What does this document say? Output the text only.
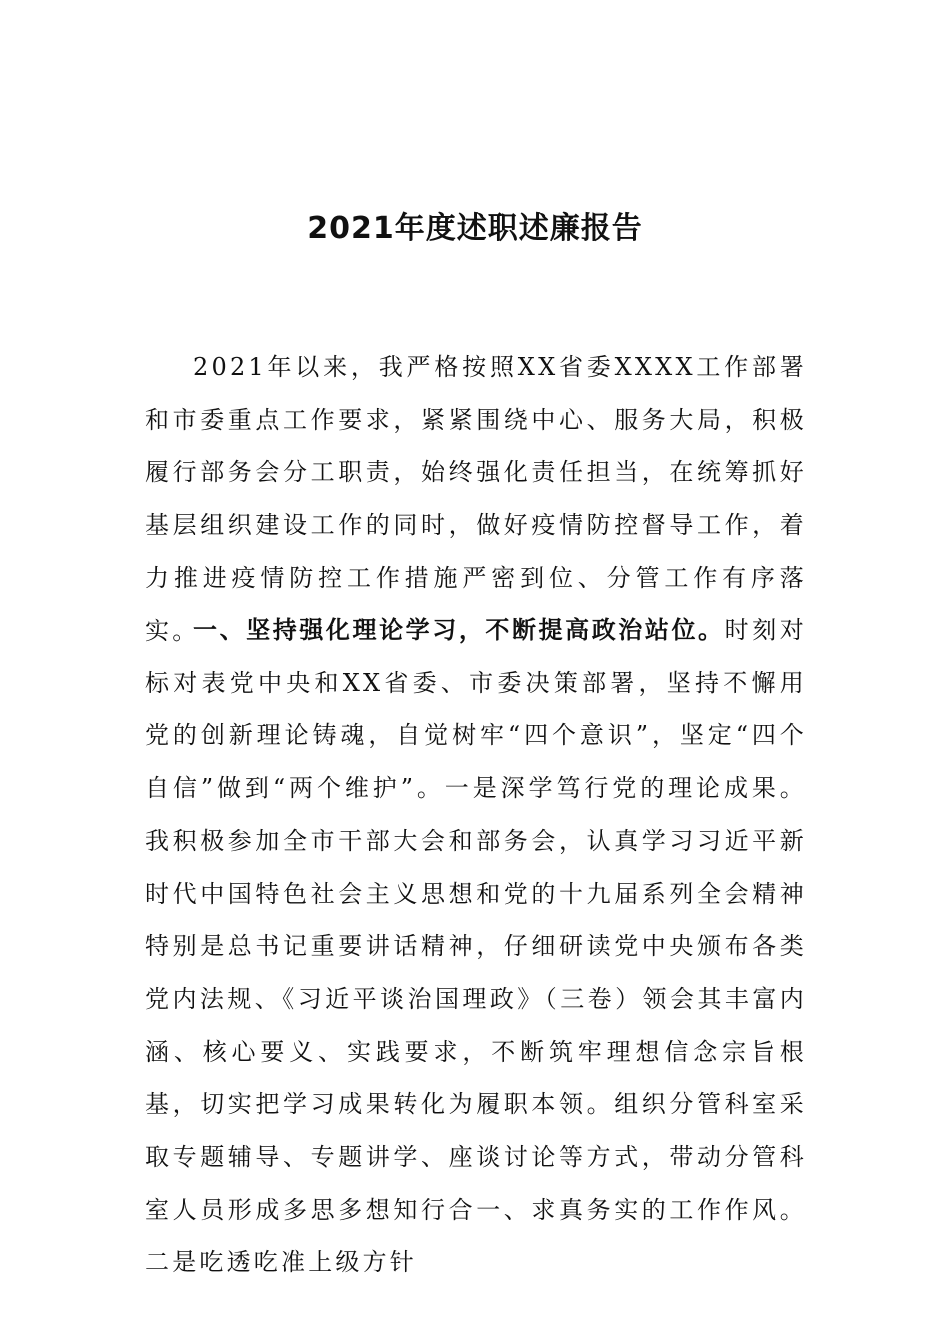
2021年度述职述廉报告

2021年以来，我严格按照XX省委XXXX工作部署和市委重点工作要求，紧紧围绕中心、服务大局，积极履行部务会分工职责，始终强化责任担当，在统筹抓好基层组织建设工作的同时，做好疫情防控督导工作，着力推进疫情防控工作措施严密到位、分管工作有序落实。

一、坚持强化理论学习，不断提高政治站位。时刻对标对表党中央和XX省委、市委决策部署，坚持不懈用党的创新理论铸魂，自觉树牢“四个意识”，坚定“四个自信”做到“两个维护”。一是深学笃行党的理论成果。我积极参加全市干部大会和部务会，认真学习习近平新时代中国特色社会主义思想和党的十九届系列全会精神特别是总书记重要讲话精神，仔细研读党中央颁布各类党内法规、《习近平谈治国理政》（三卷）领会其丰富内涵、核心要义、实践要求，不断筑牢理想信念宗旨根基，切实把学习成果转化为履职本领。组织分管科室采取专题辅导、专题讲学、座谈讨论等方式，带动分管科室人员形成多思多想知行合一、求真务实的工作作风。二是吃透吃准上级方针
